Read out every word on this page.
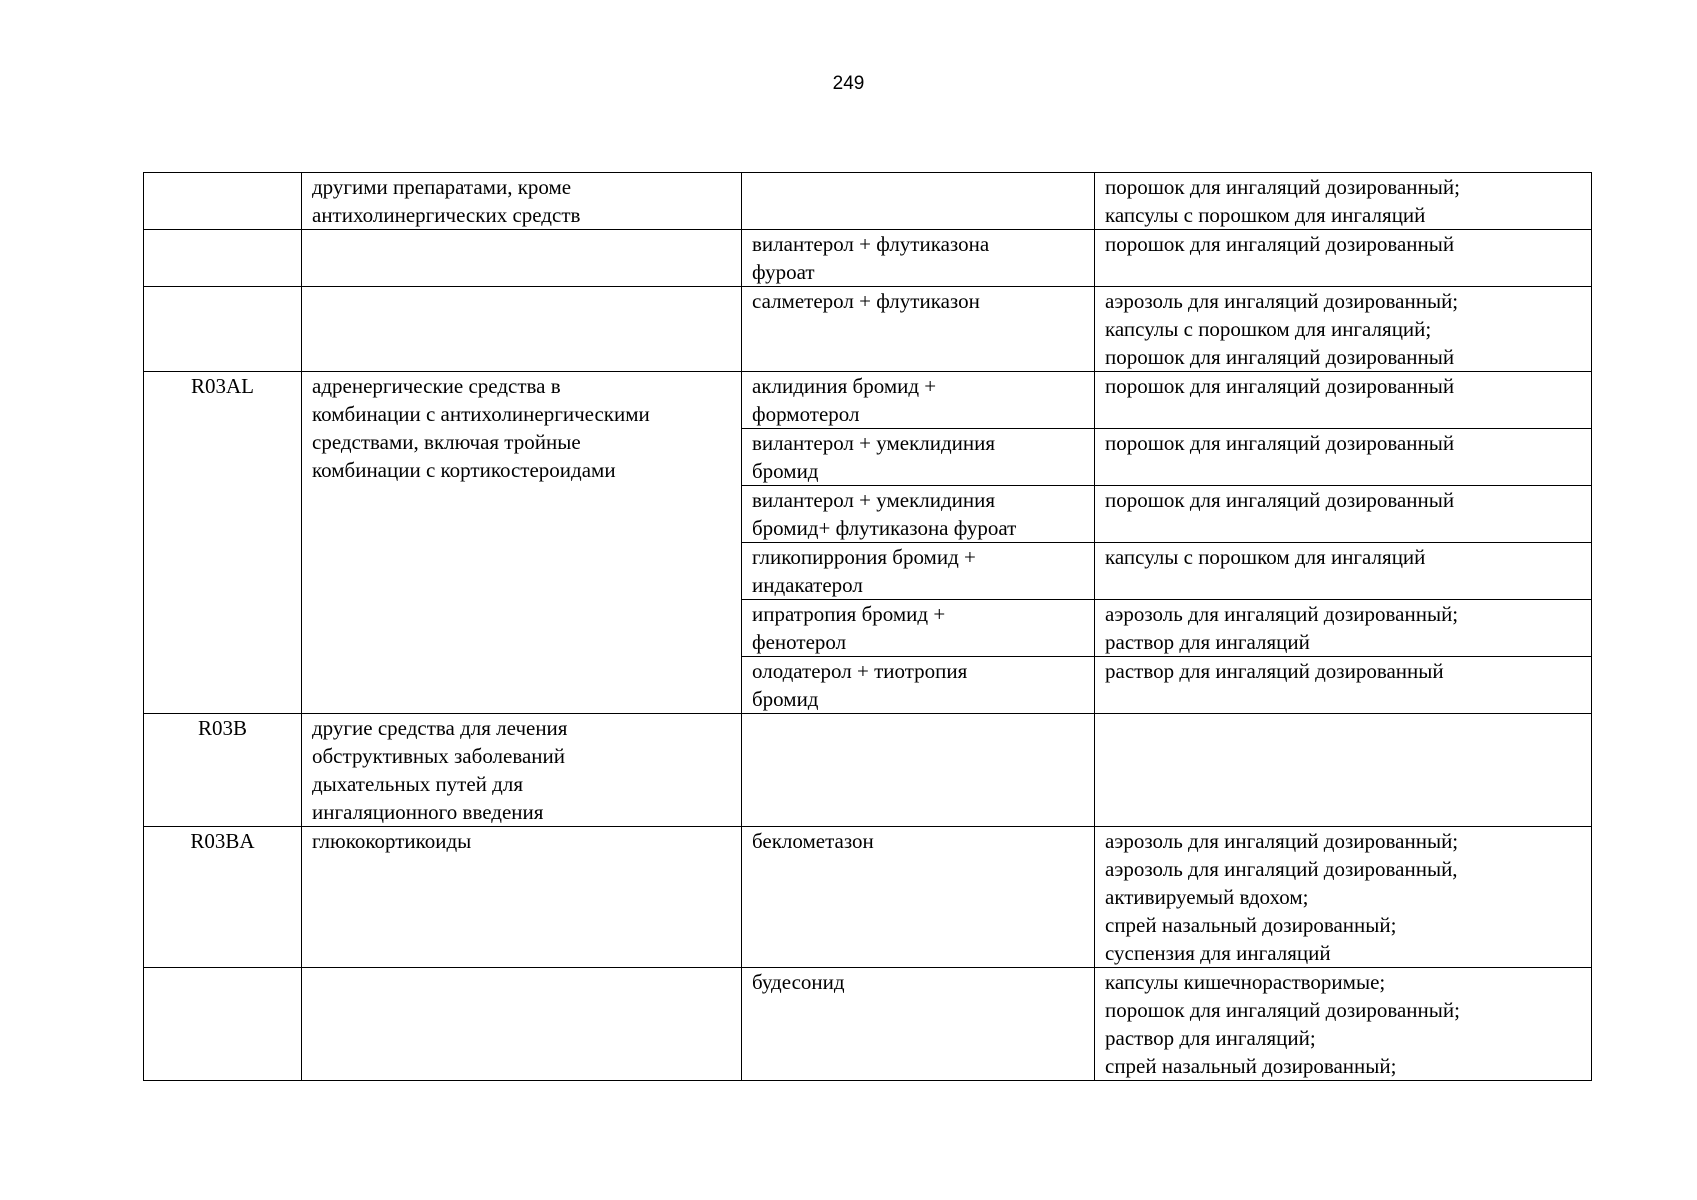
249

	другими препаратами, кроме
антихолинергических средств		порошок для ингаляций дозированный;
капсулы с порошком для ингаляций

		вилантерол + флутиказона
фуроат	порошок для ингаляций дозированный

		салметерол + флутиказон	аэрозоль для ингаляций дозированный;
капсулы с порошком для ингаляций;
порошок для ингаляций дозированный

R03AL	адренергические средства в
комбинации с антихолинергическими
средствами, включая тройные
комбинации с кортикостероидами	аклидиния бромид +
формотерол	порошок для ингаляций дозированный

		вилантерол + умеклидиния
бромид	порошок для ингаляций дозированный

		вилантерол + умеклидиния
бромид+ флутиказона фуроат	порошок для ингаляций дозированный

		гликопиррония бромид +
индакатерол	капсулы с порошком для ингаляций

		ипратропия бромид +
фенотерол	аэрозоль для ингаляций дозированный;
раствор для ингаляций

		олодатерол + тиотропия
бромид	раствор для ингаляций дозированный

R03B	другие средства для лечения
обструктивных заболеваний
дыхательных путей для
ингаляционного введения		

R03BA	глюкокортикоиды	беклометазон	аэрозоль для ингаляций дозированный;
аэрозоль для ингаляций дозированный,
активируемый вдохом;
спрей назальный дозированный;
суспензия для ингаляций

		будесонид	капсулы кишечнорастворимые;
порошок для ингаляций дозированный;
раствор для ингаляций;
спрей назальный дозированный;
